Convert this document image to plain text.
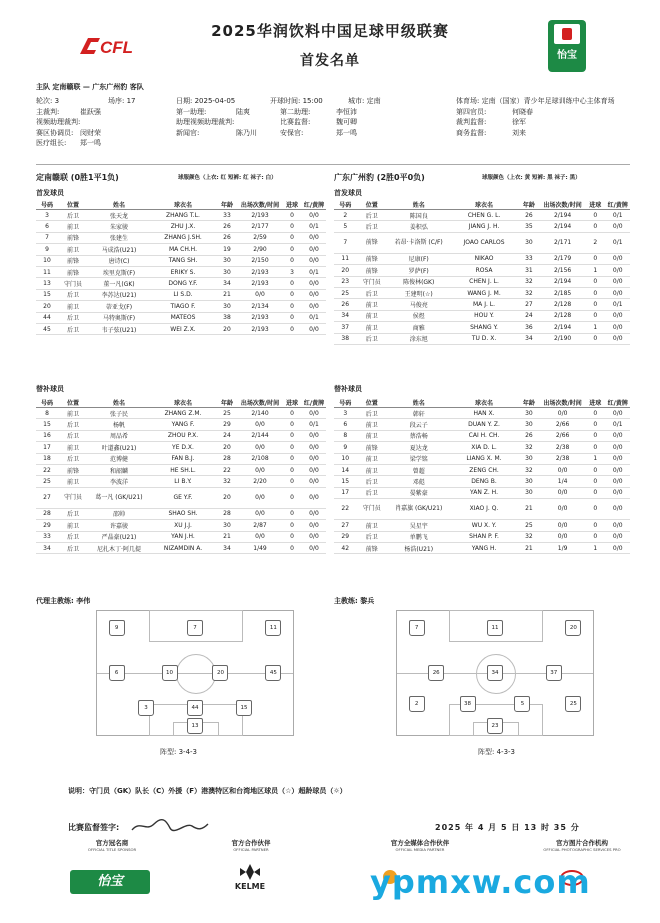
CFL
2025华润饮料中国足球甲级联赛
首发名单	怡宝
主队 定南赣联 — 广东广州豹 客队
轮次: 3	场序: 17	日期: 2025-04-05	开球时间: 15:00	城市: 定南	体育场: 定南（国家）青少年足球训练中心主体育场
主裁判:	崔跃强	第一助理:	陆爽	第二助理:	李恒沛	第四官员:	何晓春
视频助理裁判:	助理视频助理裁判:	比赛监督:	魏可卿	裁判监督:	徐军
赛区协调员: 闵财荣	新闻官:	陈乃川	安保官:	郑一鸣	商务监督:	刘来
医疗组长: 郑一鸣
定南赣联 (0胜1平1负)	球服颜色（上衣: 红 短裤: 红 袜子: 白）	广东广州豹 (2胜0平0负)	球服颜色（上衣: 黄 短裤: 黑 袜子: 黑）
首发球员	首发球员
号码	位置	姓名	球衣名	年龄	出场次数/时间	进球	红/黄牌
3	后卫	张天龙	ZHANG T.L.	33	2/193	0	0/0
6	前卫	朱家骏	ZHU J.X.	26	2/177	0	0/1
7	前锋	张建生	ZHANG J.SH.	26	2/59	0	0/0
9	前卫	马成浩(U21)	MA CH.H.	19	2/90	0	0/0
10	前锋	唐诗(C)	TANG SH.	30	2/150	0	0/0
11	前锋	埃里克斯(F)	ERIKY S.	30	2/193	3	0/1
13	守门员	董一凡(GK)	DONG Y.F.	34	2/193	0	0/0
15	后卫	李苏达(U21)	LI S.D.	21	0/0	0	0/0
20	前卫	蒂亚戈(F)	TIAGO F.	30	2/134	0	0/0
44	后卫	马特奥斯(F)	MATEOS	38	2/193	0	0/1
45	后卫	韦子弦(U21)	WEI Z.X.	20	2/193	0	0/0
号码	位置	姓名	球衣名	年龄	出场次数/时间	进球	红/黄牌
2	后卫	陈国良	CHEN G. L.	26	2/194	0	0/1
5	后卫	姜积弘	JIANG J. H.	35	2/194	0	0/0
7	前锋	若昂·卡洛斯 (C/F)	JOAO CARLOS	30	2/171	2	0/1
11	前锋	尼康(F)	NIKAO	33	2/179	0	0/0
20	前锋	罗萨(F)	ROSA	31	2/156	1	0/0
23	守门员	陈俊林(GK)	CHEN J. L.	32	2/194	0	0/0
25	后卫	王建明(☆)	WANG J. M.	32	2/185	0	0/0
26	前卫	马俊亮	MA J. L.	27	2/128	0	0/1
34	前卫	侯煜	HOU Y.	24	2/128	0	0/0
37	前卫	商雅	SHANG Y.	36	2/194	1	0/0
38	后卫	涂东旭	TU D. X.	34	2/190	0	0/0
替补球员	替补球员
号码	位置	姓名	球衣名	年龄	出场次数/时间	进球	红/黄牌
8	前卫	张子民	ZHANG Z.M.	25	2/140	0	0/0
15	后卫	杨帆	YANG F.	29	0/0	0	0/1
16	后卫	周品希	ZHOU P.X.	24	2/144	0	0/0
17	前卫	叶道鑫(U21)	YE D.X.	20	0/0	0	0/0
18	后卫	范博健	FAN B.J.	28	2/108	0	0/0
22	前锋	和韶麟	HE SH.L.	22	0/0	0	0/0
25	前卫	李波洋	LI B.Y.	32	2/20	0	0/0
27	守门员	葛一凡 (GK/U21)	GE Y.F.	20	0/0	0	0/0
28	后卫	邵帅	SHAO SH.	28	0/0	0	0/0
29	前卫	许嘉骏	XU J.J.	30	2/87	0	0/0
33	后卫	严晶豪(U21)	YAN J.H.	21	0/0	0	0/0
34	后卫	尼扎木丁·阿几提	NIZAMDIN A.	34	1/49	0	0/0
号码	位置	姓名	球衣名	年龄	出场次数/时间	进球	红/黄牌
3	后卫	韩轩	HAN X.	30	0/0	0	0/0
6	前卫	段云子	DUAN Y. Z.	30	2/66	0	0/1
8	前卫	蔡浩畅	CAI H. CH.	26	2/66	0	0/0
9	前锋	夏达龙	XIA D. L.	32	2/38	0	0/0
10	前卫	梁学铭	LIANG X. M.	30	2/38	1	0/0
14	前卫	曾超	ZENG CH.	32	0/0	0	0/0
15	后卫	邓彪	DENG B.	30	1/4	0	0/0
17	后卫	晏紫豪	YAN Z. H.	30	0/0	0	0/0
22	守门员	肖嘉旗 (GK/U21)	XIAO J. Q.	21	0/0	0	0/0
27	前卫	吴星宇	WU X. Y.	25	0/0	0	0/0
29	后卫	单鹏飞	SHAN P. F.	32	0/0	0	0/0
42	前锋	杨浩(U21)	YANG H.	21	1/9	1	0/0
代理主教练: 李伟	主教练: 黎兵
9	7	11
6	10	20	45
3	44	15
13
阵型: 3-4-3
7	11	20
26	34	37
2	38	5	25
23
阵型: 4-3-3
说明：守门员（GK）队长（C）外援（F）港澳特区和台湾地区球员（☆）超龄球员（☼）
比赛监督签字:	2025 年 4 月 5 日 13 时 35 分
官方冠名商
OFFICIAL TITLE SPONSOR
官方合作伙伴
OFFICIAL PARTNER
官方全媒体合作伙伴
OFFICIAL MEDIA PARTNER
官方图片合作机构
OFFICIAL PHOTOGRAPHIC SERVICES PRO
怡宝	KELME	ypmxw.com
